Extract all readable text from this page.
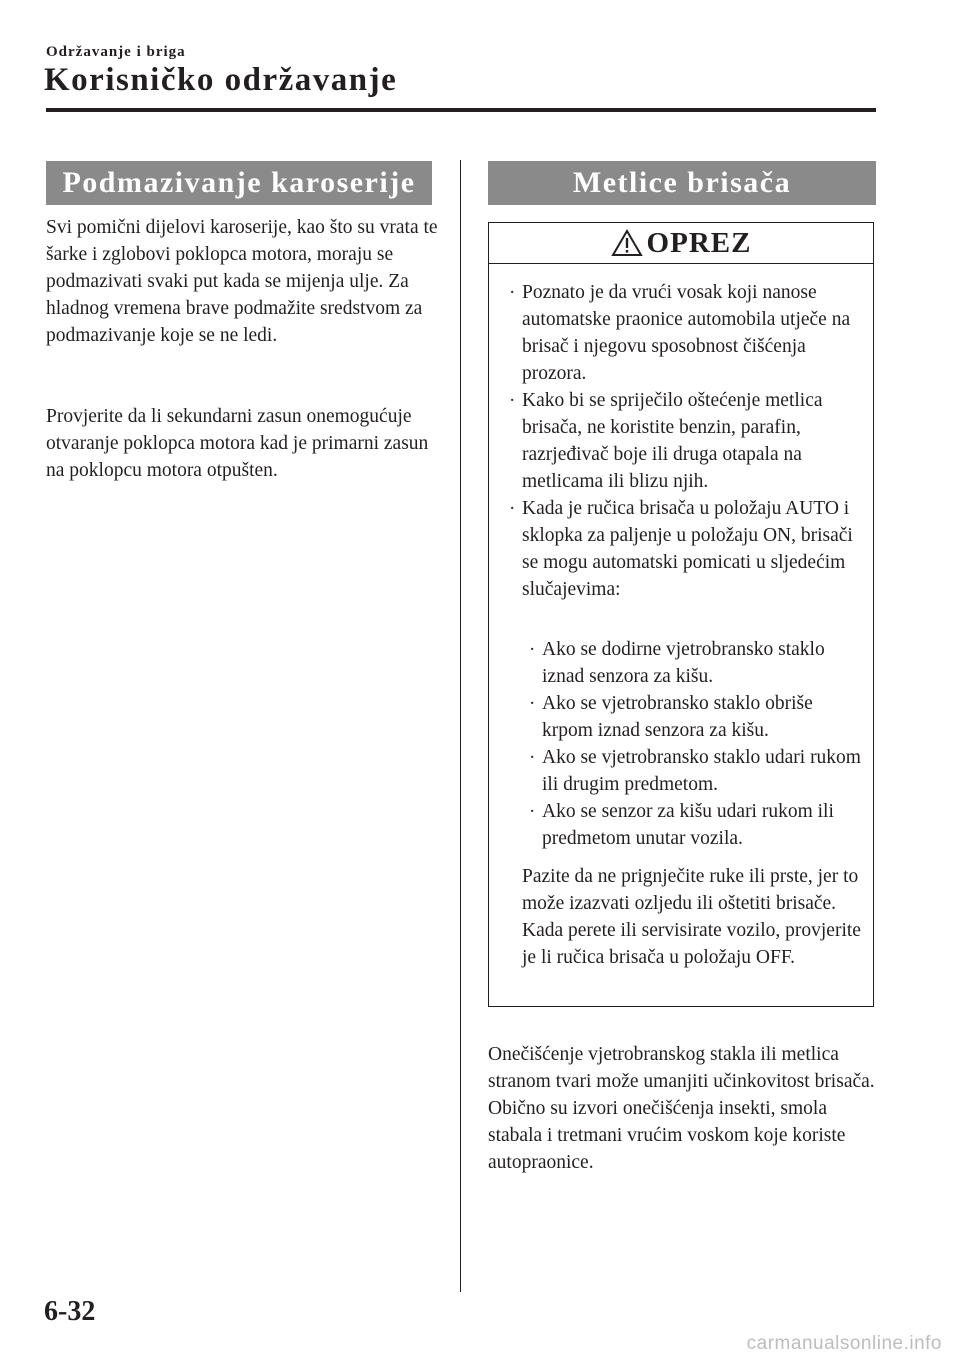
Održavanje i briga
Korisničko održavanje
Podmazivanje karoserije

Svi pomični dijelovi karoserije, kao što su vrata te šarke i zglobovi poklopca motora, moraju se podmazivati svaki put kada se mijenja ulje. Za hladnog vremena brave podmažite sredstvom za podmazivanje koje se ne ledi.

Provjerite da li sekundarni zasun onemogućuje otvaranje poklopca motora kad je primarni zasun na poklopcu motora otpušten.

Metlice brisača
OPREZ
· Poznato je da vrući vosak koji nanose automatske praonice automobila utječe na brisač i njegovu sposobnost čišćenja prozora.
· Kako bi se spriječilo oštećenje metlica brisača, ne koristite benzin, parafin, razrjeđivač boje ili druga otapala na metlicama ili blizu njih.
· Kada je ručica brisača u položaju AUTO i sklopka za paljenje u položaju ON, brisači se mogu automatski pomicati u sljedećim slučajevima:
· Ako se dodirne vjetrobransko staklo iznad senzora za kišu.
· Ako se vjetrobransko staklo obriše krpom iznad senzora za kišu.
· Ako se vjetrobransko staklo udari rukom ili drugim predmetom.
· Ako se senzor za kišu udari rukom ili predmetom unutar vozila.

Pazite da ne prignječite ruke ili prste, jer to može izazvati ozljedu ili oštetiti brisače. Kada perete ili servisirate vozilo, provjerite je li ručica brisača u položaju OFF.

Onečišćenje vjetrobranskog stakla ili metlica stranom tvari može umanjiti učinkovitost brisača. Obično su izvori onečišćenja insekti, smola stabala i tretmani vrućim voskom koje koriste autopraonice.

6-32
carmanualsonline.info
